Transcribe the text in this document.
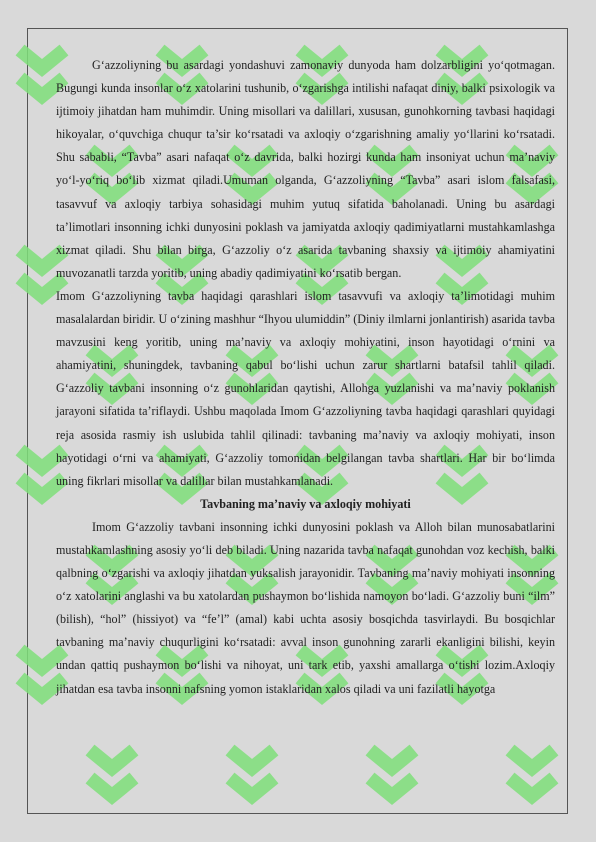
G‘azzoliyning bu asardagi yondashuvi zamonaviy dunyoda ham dolzarbligini yo‘qotmagan. Bugungi kunda insonlar o‘z xatolarini tushunib, o‘zgarishga intilishi nafaqat diniy, balki psixologik va ijtimoiy jihatdan ham muhimdir. Uning misollari va dalillari, xususan, gunohkorning tavbasi haqidagi hikoyalar, o‘quvchiga chuqur ta’sir ko‘rsatadi va axloqiy o‘zgarishning amaliy yo‘llarini ko‘rsatadi. Shu sababli, “Tavba” asari nafaqat o‘z davrida, balki hozirgi kunda ham insoniyat uchun ma’naviy yo‘l-yo‘riq bo‘lib xizmat qiladi.Umuman olganda, G‘azzoliyning “Tavba” asari islom falsafasi, tasavvuf va axloqiy tarbiya sohasidagi muhim yutuq sifatida baholanadi. Uning bu asardagi ta’limotlari insonning ichki dunyosini poklash va jamiyatda axloqiy qadimiyatlarni mustahkamlashga xizmat qiladi. Shu bilan birga, G‘azzoliy o‘z asarida tavbaning shaxsiy va ijtimoiy ahamiyatini muvozanatli tarzda yoritib, uning abadiy qadimiyatini ko‘rsatib bergan.

Imom G‘azzoliyning tavba haqidagi qarashlari islom tasavvufi va axloqiy ta’limotidagi muhim masalalardan biridir. U o‘zining mashhur “Ihyou ulumiddin” (Diniy ilmlarni jonlantirish) asarida tavba mavzusini keng yoritib, uning ma’naviy va axloqiy mohiyatini, inson hayotidagi o‘rnini va ahamiyatini, shuningdek, tavbaning qabul bo‘lishi uchun zarur shartlarni batafsil tahlil qiladi. G‘azzoliy tavbani insonning o‘z gunohlaridan qaytishi, Allohga yuzlanishi va ma’naviy poklanish jarayoni sifatida ta’riflaydi. Ushbu maqolada Imom G‘azzoliyning tavba haqidagi qarashlari quyidagi reja asosida rasmiy ish uslubida tahlil qilinadi: tavbaning ma’naviy va axloqiy mohiyati, inson hayotidagi o‘rni va ahamiyati, G‘azzoliy tomonidan belgilangan tavba shartlari. Har bir bo‘limda uning fikrlari misollar va dalillar bilan mustahkamlanadi.

Tavbaning ma’naviy va axloqiy mohiyati

Imom G‘azzoliy tavbani insonning ichki dunyosini poklash va Alloh bilan munosabatlarini mustahkamlashning asosiy yo‘li deb biladi. Uning nazarida tavba nafaqat gunohdan voz kechish, balki qalbning o‘zgarishi va axloqiy jihatdan yuksalish jarayonidir. Tavbaning ma’naviy mohiyati insonning o‘z xatolarini anglashi va bu xatolardan pushaymon bo‘lishida namoyon bo‘ladi. G‘azzoliy buni “ilm” (bilish), “hol” (hissiyot) va “fe’l” (amal) kabi uchta asosiy bosqichda tasvirlaydi. Bu bosqichlar tavbaning ma’naviy chuqurligini ko‘rsatadi: avval inson gunohning zararli ekanligini bilishi, keyin undan qattiq pushaymon bo‘lishi va nihoyat, uni tark etib, yaxshi amallarga o‘tishi lozim.Axloqiy jihatdan esa tavba insonni nafsning yomon istaklaridan xalos qiladi va uni fazilatli hayotga
